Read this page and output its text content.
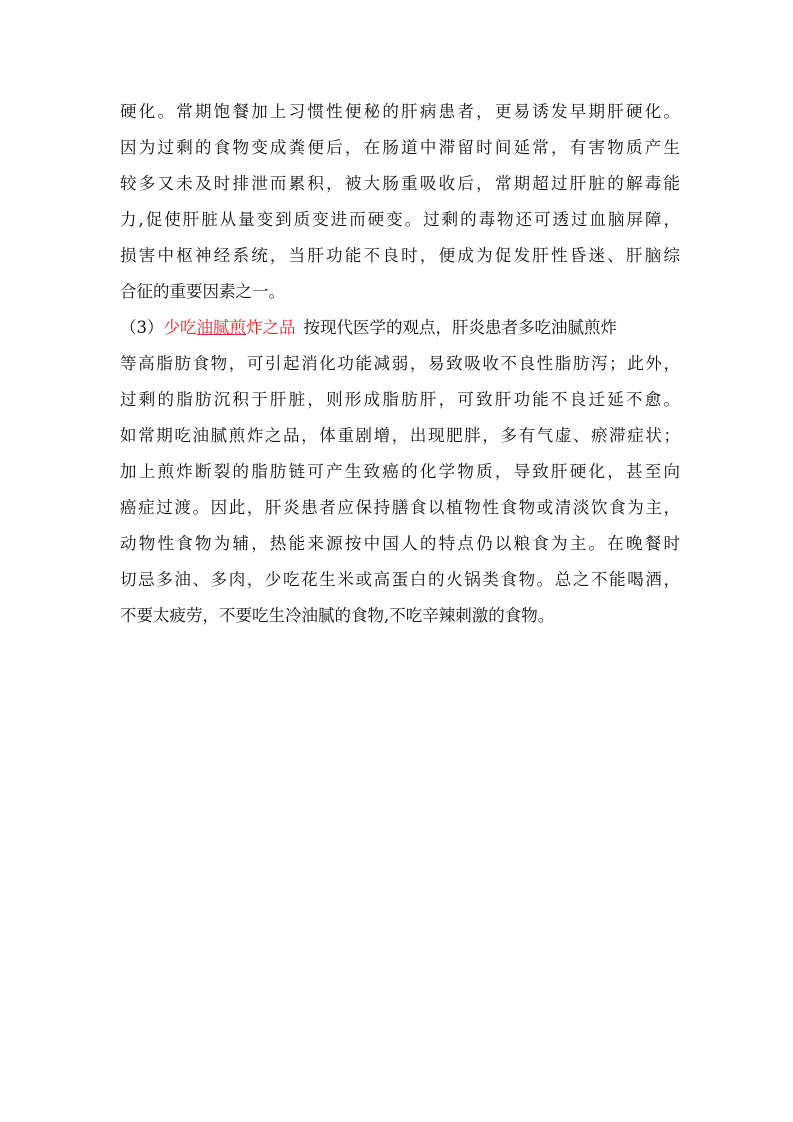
硬化。常期饱餐加上习惯性便秘的肝病患者，更易诱发早期肝硬化。
因为过剩的食物变成粪便后，在肠道中滞留时间延常，有害物质产生
较多又未及时排泄而累积，被大肠重吸收后，常期超过肝脏的解毒能
力,促使肝脏从量变到质变进而硬变。过剩的毒物还可透过血脑屏障，
损害中枢神经系统，当肝功能不良时，便成为促发肝性昏迷、肝脑综
合征的重要因素之一。
（3）少吃油腻煎炸之品 按现代医学的观点，肝炎患者多吃油腻煎炸
等高脂肪食物，可引起消化功能减弱，易致吸收不良性脂肪泻；此外，
过剩的脂肪沉积于肝脏，则形成脂肪肝，可致肝功能不良迁延不愈。
如常期吃油腻煎炸之品，体重剧增，出现肥胖，多有气虚、瘀滞症状；
加上煎炸断裂的脂肪链可产生致癌的化学物质，导致肝硬化，甚至向
癌症过渡。因此，肝炎患者应保持膳食以植物性食物或清淡饮食为主，
动物性食物为辅，热能来源按中国人的特点仍以粮食为主。在晚餐时
切忌多油、多肉，少吃花生米或高蛋白的火锅类食物。总之不能喝酒，
不要太疲劳，不要吃生冷油腻的食物,不吃辛辣刺激的食物。
